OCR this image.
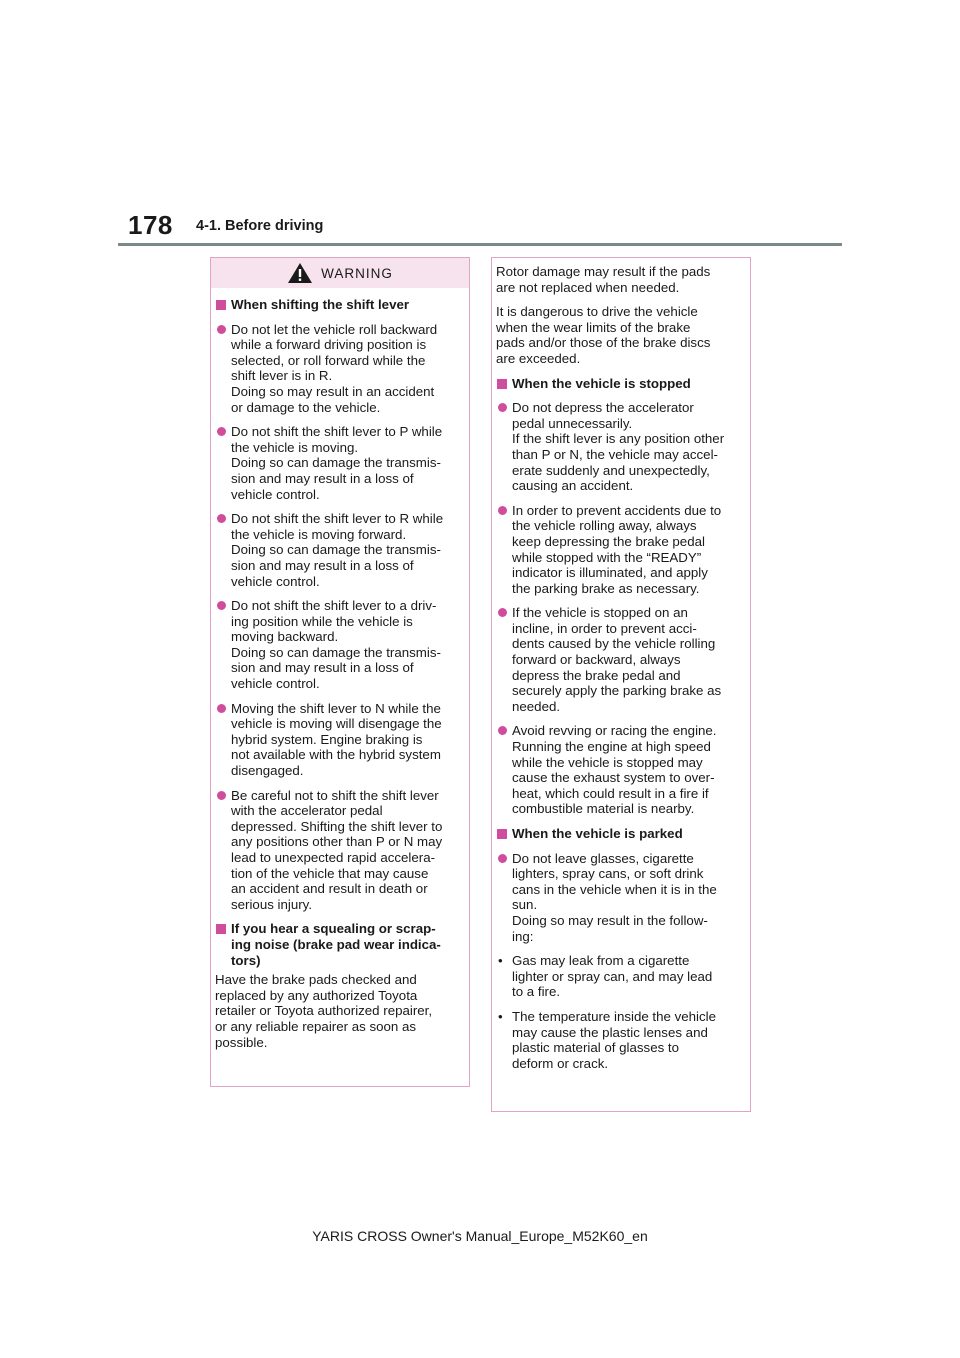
178 4-1. Before driving
WARNING
When shifting the shift lever
Do not let the vehicle roll backward
while a forward driving position is
selected, or roll forward while the
shift lever is in R.
Doing so may result in an accident
or damage to the vehicle.
Do not shift the shift lever to P while
the vehicle is moving.
Doing so can damage the transmis-
sion and may result in a loss of
vehicle control.
Do not shift the shift lever to R while
the vehicle is moving forward.
Doing so can damage the transmis-
sion and may result in a loss of
vehicle control.
Do not shift the shift lever to a driv-
ing position while the vehicle is
moving backward.
Doing so can damage the transmis-
sion and may result in a loss of
vehicle control.
Moving the shift lever to N while the
vehicle is moving will disengage the
hybrid system. Engine braking is
not available with the hybrid system
disengaged.
Be careful not to shift the shift lever
with the accelerator pedal
depressed. Shifting the shift lever to
any positions other than P or N may
lead to unexpected rapid accelera-
tion of the vehicle that may cause
an accident and result in death or
serious injury.
If you hear a squealing or scrap-
ing noise (brake pad wear indica-
tors)

Have the brake pads checked and
replaced by any authorized Toyota
retailer or Toyota authorized repairer,
or any reliable repairer as soon as
possible.

Rotor damage may result if the pads
are not replaced when needed.

It is dangerous to drive the vehicle
when the wear limits of the brake
pads and/or those of the brake discs
are exceeded.

When the vehicle is stopped
Do not depress the accelerator
pedal unnecessarily.
If the shift lever is any position other
than P or N, the vehicle may accel-
erate suddenly and unexpectedly,
causing an accident.
In order to prevent accidents due to
the vehicle rolling away, always
keep depressing the brake pedal
while stopped with the “READY”
indicator is illuminated, and apply
the parking brake as necessary.
If the vehicle is stopped on an
incline, in order to prevent acci-
dents caused by the vehicle rolling
forward or backward, always
depress the brake pedal and
securely apply the parking brake as
needed.
Avoid revving or racing the engine.
Running the engine at high speed
while the vehicle is stopped may
cause the exhaust system to over-
heat, which could result in a fire if
combustible material is nearby.
When the vehicle is parked
Do not leave glasses, cigarette
lighters, spray cans, or soft drink
cans in the vehicle when it is in the
sun.
Doing so may result in the follow-
ing:
• Gas may leak from a cigarette
lighter or spray can, and may lead
to a fire.
• The temperature inside the vehicle
may cause the plastic lenses and
plastic material of glasses to
deform or crack.
YARIS CROSS Owner's Manual_Europe_M52K60_en
